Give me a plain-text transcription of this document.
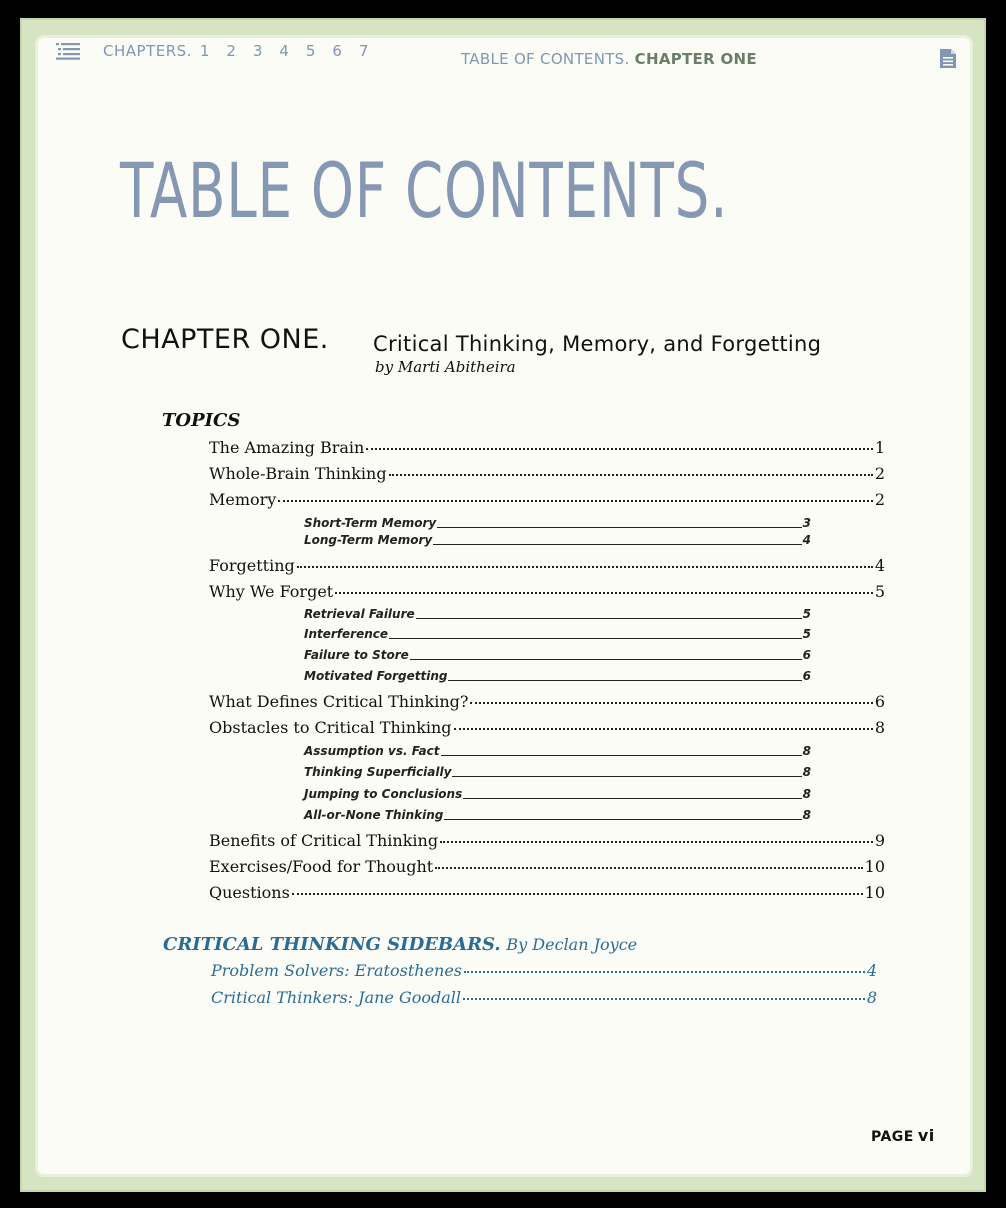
CHAPTERS. 1	2	3	4	5	6	7	TABLE OF CONTENTS. CHAPTER ONE
TABLE OF CONTENTS.
CHAPTER ONE. Critical Thinking, Memory, and Forgetting
by Marti Abitheira
TOPICS
The Amazing Brain	1
Whole-Brain Thinking	2
Memory	2
Short-Term Memory	3
Long-Term Memory	4
Forgetting	4
Why We Forget	5
Retrieval Failure	5
Interference	5
Failure to Store	6
Motivated Forgetting	6
What Defines Critical Thinking?	6
Obstacles to Critical Thinking	8
Assumption vs. Fact	8
Thinking Superficially	8
Jumping to Conclusions	8
All-or-None Thinking	8
Benefits of Critical Thinking	9
Exercises/Food for Thought	10
Questions	10
CRITICAL THINKING SIDEBARS. By Declan Joyce
Problem Solvers: Eratosthenes	4
Critical Thinkers: Jane Goodall	8
PAGE vi
